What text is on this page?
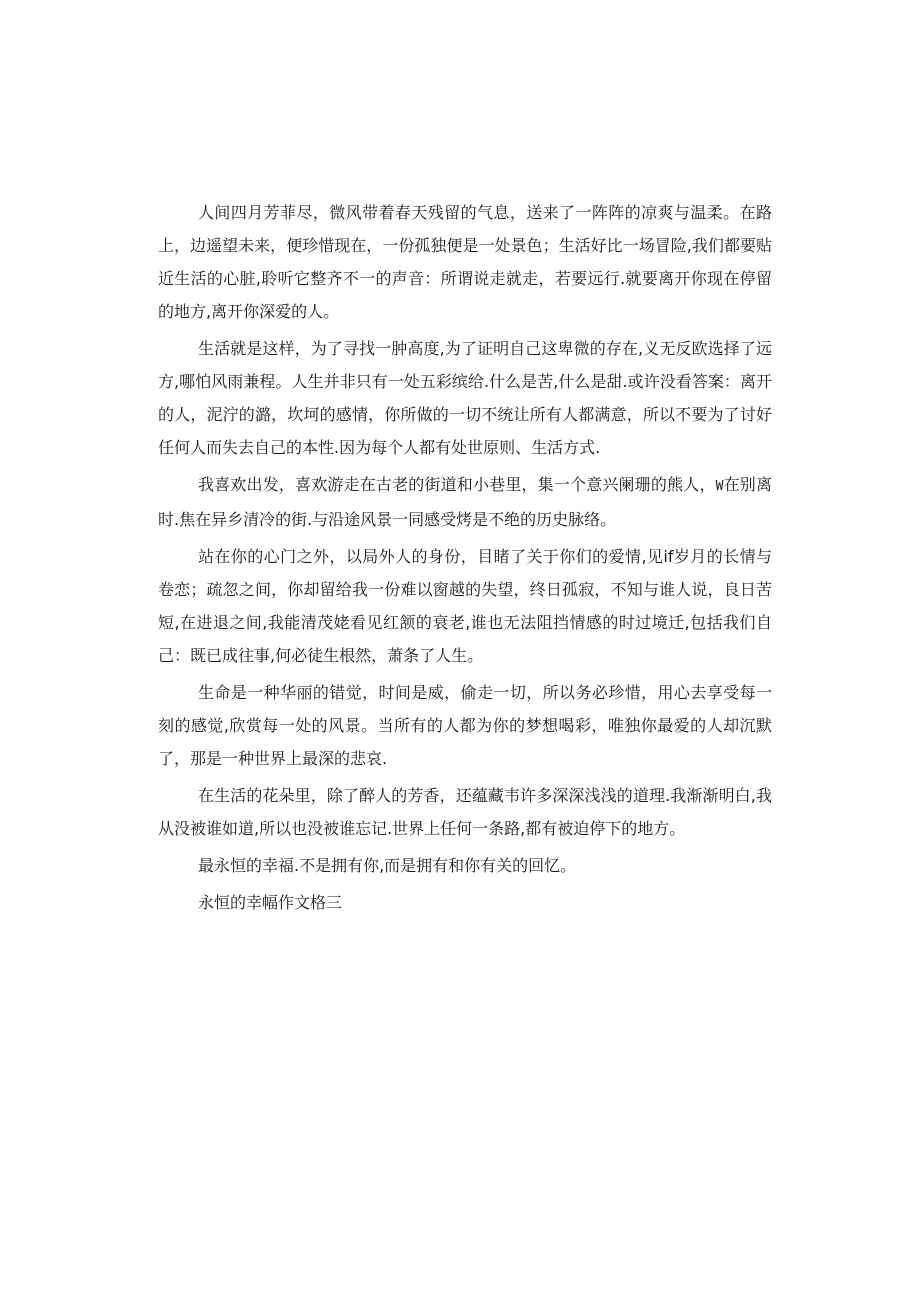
人间四月芳菲尽，微风带着春天残留的气息，送来了一阵阵的凉爽与温柔。在路上，边遥望未来，便珍惜现在，一份孤独便是一处景色；生活好比一场冒险,我们都要贴近生活的心脏,聆听它整齐不一的声音：所谓说走就走，若要远行.就要离开你现在停留的地方,离开你深爱的人。

生活就是这样，为了寻找一肿高度,为了证明自己这卑微的存在,义无反欧选择了远方,哪怕风雨兼程。人生并非只有一处五彩缤给.什么是苦,什么是甜.或许没看答案：离开的人，泥泞的潞，坎坷的感情，你所做的一切不统让所有人都满意，所以不要为了讨好任何人而失去自己的本性.因为每个人都有处世原则、生活方式.

我喜欢出发，喜欢游走在古老的街道和小巷里，集一个意兴阑珊的熊人，W在别离时.焦在异乡清冷的街.与沿途风景一同感受烤是不绝的历史脉络。

站在你的心门之外，以局外人的身份，目睹了关于你们的爱情,见if岁月的长情与卷恋；疏忽之间，你却留给我一份难以窗越的失望，终日孤寂，不知与谁人说，良日苦短,在进退之间,我能清茂姥看见红颔的衰老,谁也无法阻挡情感的时过境迁,包括我们自己：既已成往事,何必徒生根然，萧条了人生。

生命是一种华丽的错觉，时间是威，偷走一切，所以务必珍惜，用心去享受每一刻的感觉,欣赏每一处的风景。当所有的人都为你的梦想喝彩，唯独你最爱的人却沉默了，那是一种世界上最深的悲哀.

在生活的花朵里，除了醉人的芳香，还蕴藏韦许多深深浅浅的道理.我渐渐明白,我从没被谁如道,所以也没被谁忘记.世界上任何一条路,都有被迫停下的地方。

最永恒的幸福.不是拥有你,而是拥有和你有关的回忆。

永恒的幸幅作文格三
